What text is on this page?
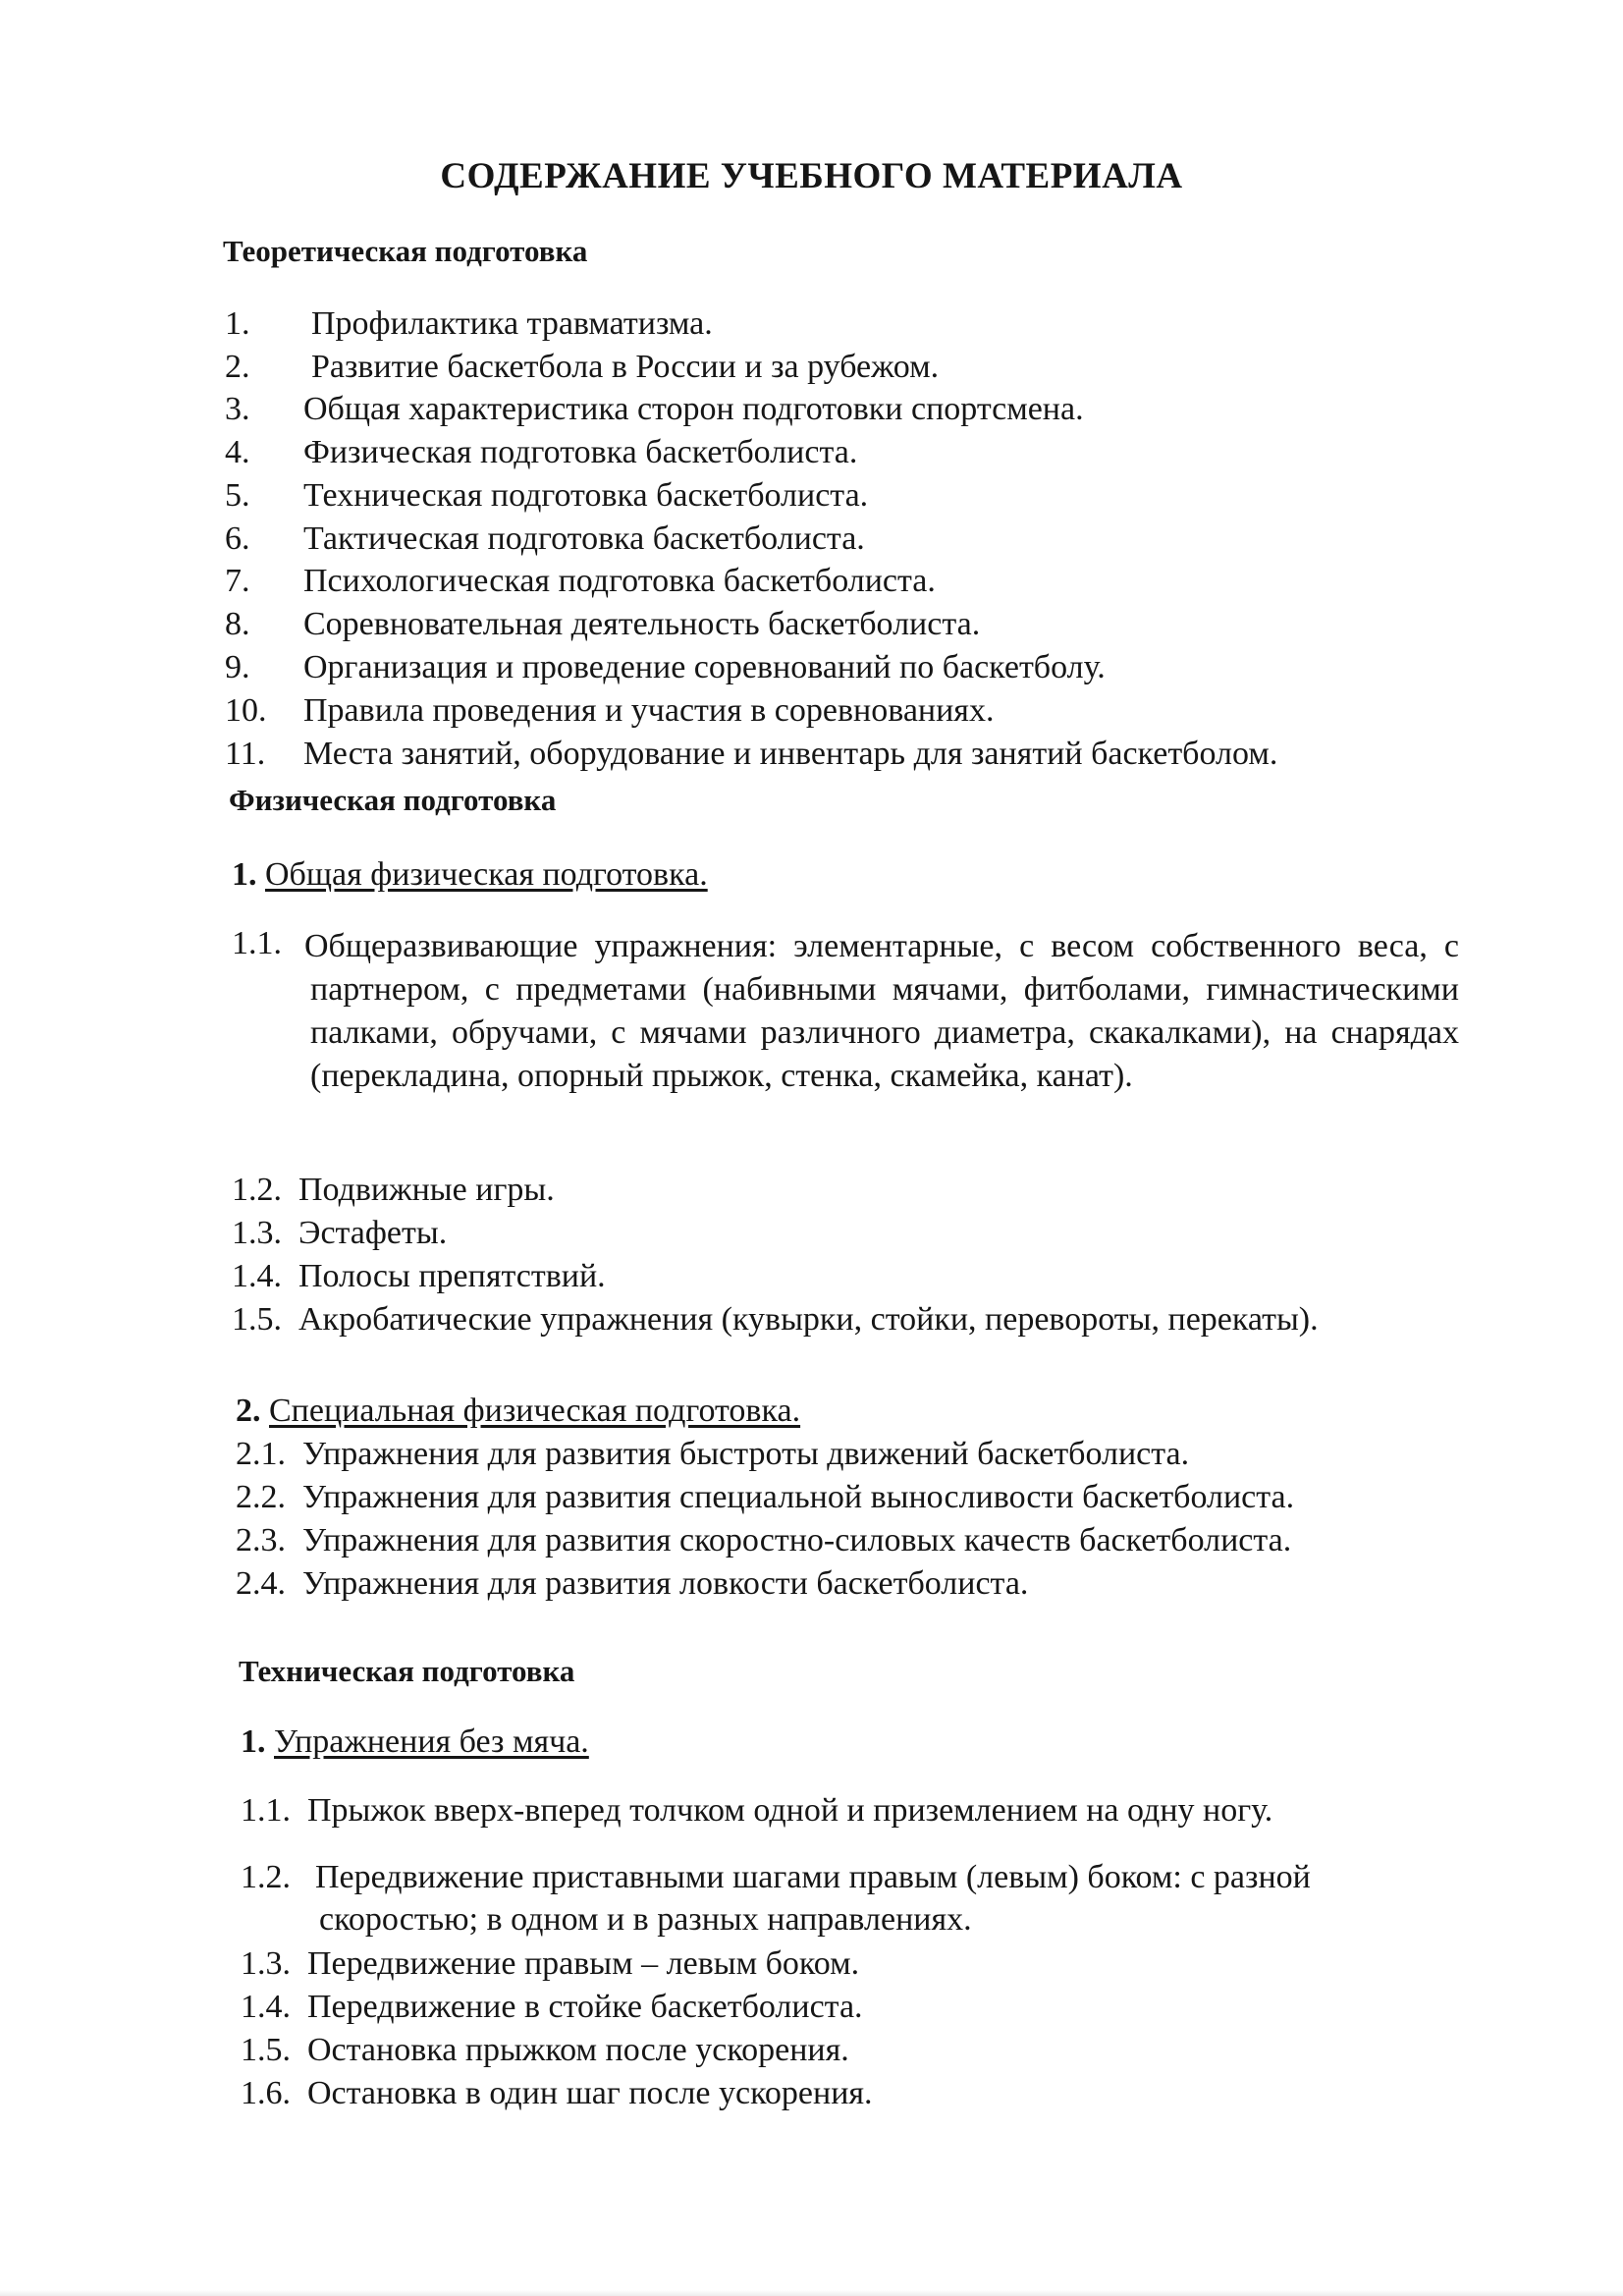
СОДЕРЖАНИЕ УЧЕБНОГО МАТЕРИАЛА
Теоретическая подготовка
1. Профилактика травматизма.
2. Развитие баскетбола в России и за рубежом.
3. Общая характеристика сторон подготовки спортсмена.
4. Физическая подготовка баскетболиста.
5. Техническая подготовка баскетболиста.
6. Тактическая подготовка баскетболиста.
7. Психологическая подготовка баскетболиста.
8. Соревновательная деятельность баскетболиста.
9. Организация и проведение соревнований по баскетболу.
10. Правила проведения и участия в соревнованиях.
11. Места занятий, оборудование и инвентарь для занятий баскетболом.
Физическая подготовка
1. Общая физическая подготовка.
1.1. Общеразвивающие упражнения: элементарные, с весом собственного веса, с партнером, с предметами (набивными мячами, фитболами, гимнастическими палками, обручами, с мячами различного диаметра, скакалками), на снарядах (перекладина, опорный прыжок, стенка, скамейка, канат).
1.2. Подвижные игры.
1.3. Эстафеты.
1.4. Полосы препятствий.
1.5. Акробатические упражнения (кувырки, стойки, перевороты, перекаты).
2. Специальная физическая подготовка.
2.1. Упражнения для развития быстроты движений баскетболиста.
2.2. Упражнения для развития специальной выносливости баскетболиста.
2.3. Упражнения для развития скоростно-силовых качеств баскетболиста.
2.4. Упражнения для развития ловкости баскетболиста.
Техническая подготовка
1. Упражнения без мяча.
1.1. Прыжок вверх-вперед толчком одной и приземлением на одну ногу.
1.2. Передвижение приставными шагами правым (левым) боком: с разной
скоростью; в одном и в разных направлениях.
1.3. Передвижение правым – левым боком.
1.4. Передвижение в стойке баскетболиста.
1.5. Остановка прыжком после ускорения.
1.6. Остановка в один шаг после ускорения.
